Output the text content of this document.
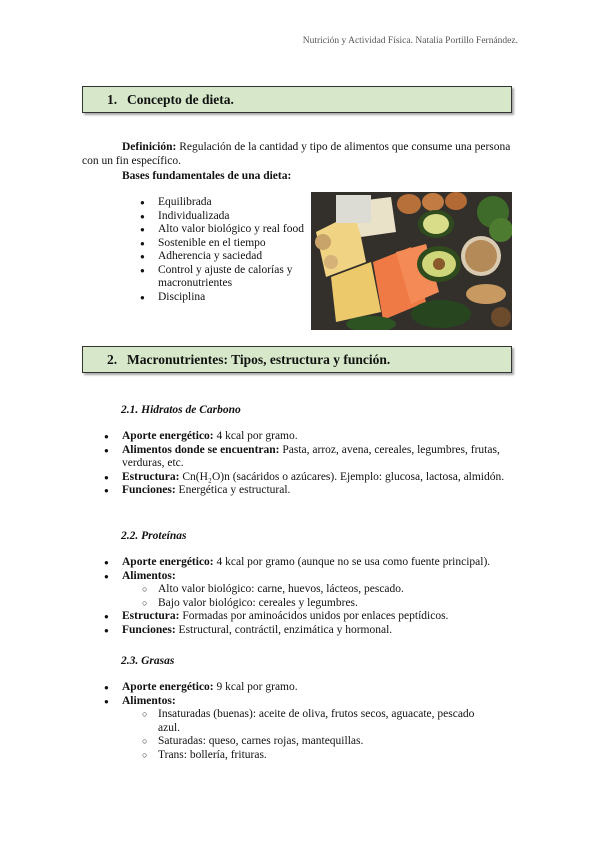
Nutrición y Actividad Física. Natalia Portillo Fernández.
1. Concepto de dieta.
Definición: Regulación de la cantidad y tipo de alimentos que consume una persona con un fin específico.
Bases fundamentales de una dieta:
● Equilibrada
● Individualizada
● Alto valor biológico y real food
● Sostenible en el tiempo
● Adherencia y saciedad
● Control y ajuste de calorías y macronutrientes
● Disciplina
2. Macronutrientes: Tipos, estructura y función.
2.1. Hidratos de Carbono
● Aporte energético: 4 kcal por gramo.
● Alimentos donde se encuentran: Pasta, arroz, avena, cereales, legumbres, frutas, verduras, etc.
● Estructura: Cn(H₂O)n (sacáridos o azúcares). Ejemplo: glucosa, lactosa, almidón.
● Funciones: Energética y estructural.
2.2. Proteínas
● Aporte energético: 4 kcal por gramo (aunque no se usa como fuente principal).
● Alimentos:
○ Alto valor biológico: carne, huevos, lácteos, pescado.
○ Bajo valor biológico: cereales y legumbres.
● Estructura: Formadas por aminoácidos unidos por enlaces peptídicos.
● Funciones: Estructural, contráctil, enzimática y hormonal.
2.3. Grasas
● Aporte energético: 9 kcal por gramo.
● Alimentos:
○ Insaturadas (buenas): aceite de oliva, frutos secos, aguacate, pescado azul.
○ Saturadas: queso, carnes rojas, mantequillas.
○ Trans: bollería, frituras.
